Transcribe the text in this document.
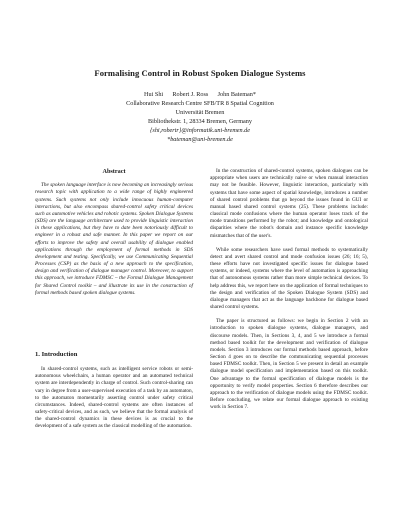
Formalising Control in Robust Spoken Dialogue Systems
Hui Shi      Robert J. Ross      John Bateman*
Collaborative Research Centre SFB/TR 8 Spatial Cognition
Universität Bremen
Bibliothekstr. 1, 28334 Bremen, Germany
{shi,robertr}@informatik.uni-bremen.de
*bateman@uni-bremen.de
Abstract

The spoken language interface is now becoming an increasingly serious research topic with application to a wide range of highly engineered systems. Such systems not only include innocuous human-computer interactions, but also encompass shared-control safety critical devices such as automotive vehicles and robotic systems. Spoken Dialogue Systems (SDS) are the language architecture used to provide linguistic interaction in these applications, but they have to date been notoriously difficult to engineer in a robust and safe manner. In this paper we report on our efforts to improve the safety and overall usability of dialogue enabled applications through the employment of formal methods in SDS development and testing. Specifically, we use Communicating Sequential Processes (CSP) as the basis of a new approach to the specification, design and verification of dialogue manager control. Moreover, to support this approach, we introduce FDMSC – the Formal Dialogue Management for Shared Control toolkit – and illustrate its use in the construction of formal methods based spoken dialogue systems.

1. Introduction

In shared-control systems, such as intelligent service robots or semi-autonomous wheelchairs, a human operator and an automated technical system are interdependently in charge of control. Such control-sharing can vary in degree from a user-supervised execution of a task by an automaton, to the automaton momentarily asserting control under safety critical circumstances. Indeed, shared-control systems are often instances of safety-critical devices, and as such, we believe that the formal analysis of the shared-control dynamics in these devices is as crucial to the development of a safe system as the classical modelling of the automation.

In the construction of shared-control systems, spoken dialogues can be appropriate when users are technically naive or when manual interaction may not be feasible. However, linguistic interaction, particularly with systems that have some aspect of spatial knowledge, introduces a number of shared control problems that go beyond the issues found in GUI or manual based shared control systems (25). These problems include: classical mode confusions where the human operator loses track of the mode transitions performed by the robot; and knowledge and ontological disparities where the robot's domain and instance specific knowledge mismatches that of the user's.

While some researchers have used formal methods to systematically detect and avert shared control and mode confusion issues (26; 16; 5), these efforts have not investigated specific issues for dialogue based systems, or indeed, systems where the level of automation is approaching that of autonomous systems rather than more simple technical devices. To help address this, we report here on the application of formal techniques to the design and verification of the Spoken Dialogue System (SDS) and dialogue managers that act as the language backbone for dialogue based shared control systems.

The paper is structured as follows: we begin in Section 2 with an introduction to spoken dialogue systems, dialogue managers, and discourse models. Then, in Sections 3, 4, and 5 we introduce a formal method based toolkit for the development and verification of dialogue models. Section 3 introduces our formal methods based approach, before Section 4 goes on to describe the communicating sequential processes based FDMSC toolkit. Then, in Section 5 we present in detail an example dialogue model specification and implementation based on this toolkit. One advantage to the formal specification of dialogue models is the opportunity to verify model properties. Section 6 therefore describes our approach to the verification of dialogue models using the FDMSC toolkit. Before concluding, we relate our formal dialogue approach to existing work in Section 7.
